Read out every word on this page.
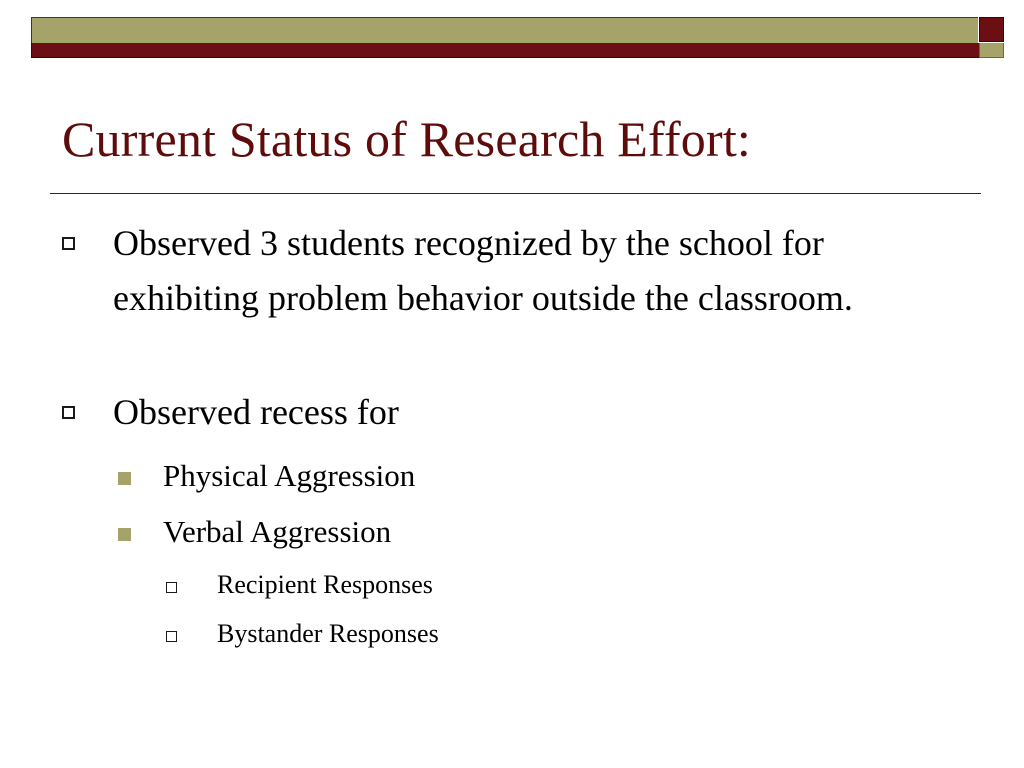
Current Status of Research Effort:
Observed 3 students recognized by the school for exhibiting problem behavior outside the classroom.
Observed recess for
Physical Aggression
Verbal Aggression
Recipient Responses
Bystander Responses
